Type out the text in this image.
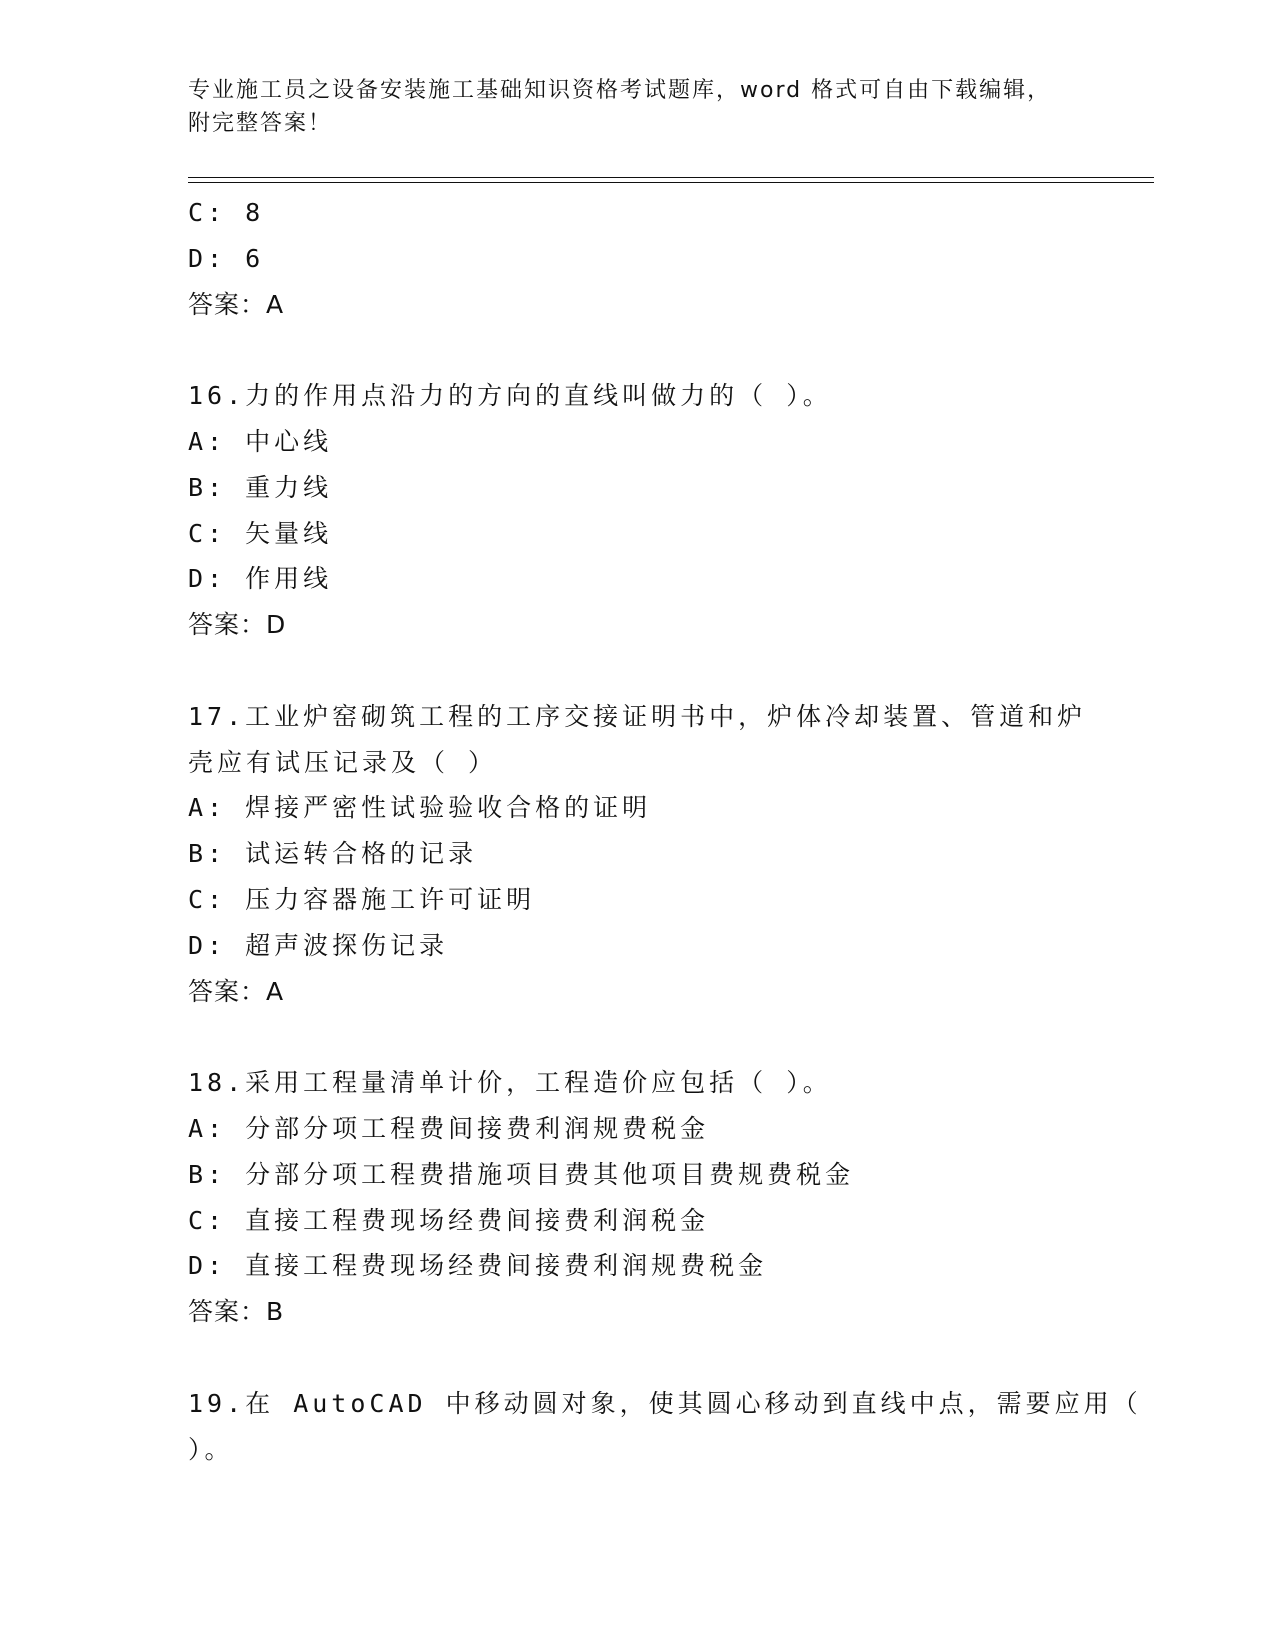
专业施工员之设备安装施工基础知识资格考试题库，word 格式可自由下载编辑，
附完整答案！
C: 8
D: 6
答案：A
16.力的作用点沿力的方向的直线叫做力的（ ）。
A: 中心线
B: 重力线
C: 矢量线
D: 作用线
答案：D
17.工业炉窑砌筑工程的工序交接证明书中，炉体冷却装置、管道和炉
壳应有试压记录及（ ）
A: 焊接严密性试验验收合格的证明
B: 试运转合格的记录
C: 压力容器施工许可证明
D: 超声波探伤记录
答案：A
18.采用工程量清单计价，工程造价应包括（ ）。
A: 分部分项工程费间接费利润规费税金
B: 分部分项工程费措施项目费其他项目费规费税金
C: 直接工程费现场经费间接费利润税金
D: 直接工程费现场经费间接费利润规费税金
答案：B
19.在 AutoCAD 中移动圆对象，使其圆心移动到直线中点，需要应用（
）。
